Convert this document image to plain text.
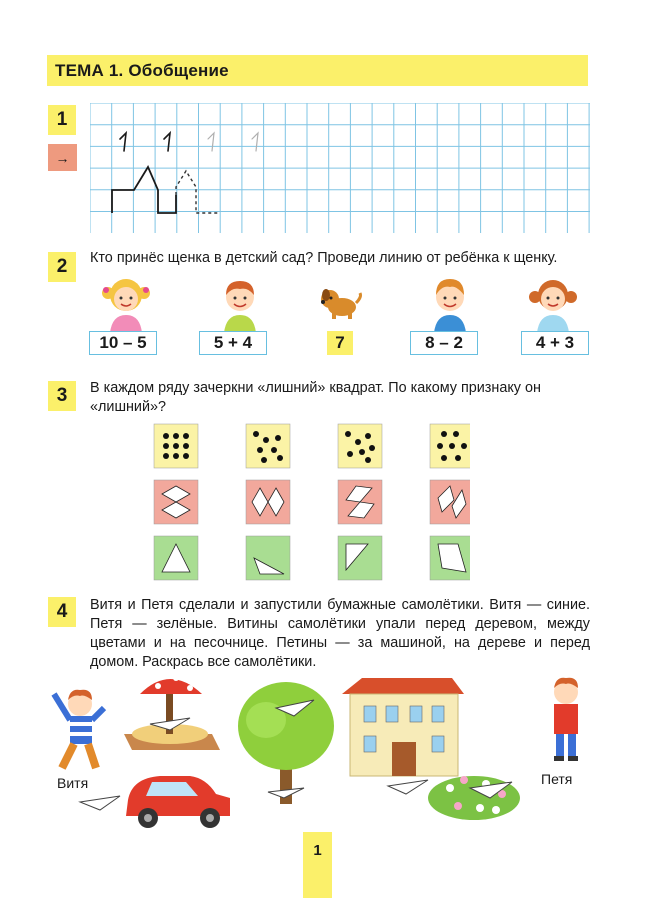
ТЕМА 1. Обобщение
1
→
2	Кто принёс щенка в детский сад? Проведи линию от ребёнка к щенку.
10 – 5	5 + 4	7	8 – 2	4 + 3
3	В каждом ряду зачеркни «лишний» квадрат. По какому признаку он «лишний»?
4	Витя и Петя сделали и запустили бумажные самолётики. Витя — синие. Петя — зелёные. Витины самолётики упали перед деревом, между цветами и на песочнице. Петины — за машиной, на дереве и перед домом. Раскрась все самолётики.
Витя	Петя
1
